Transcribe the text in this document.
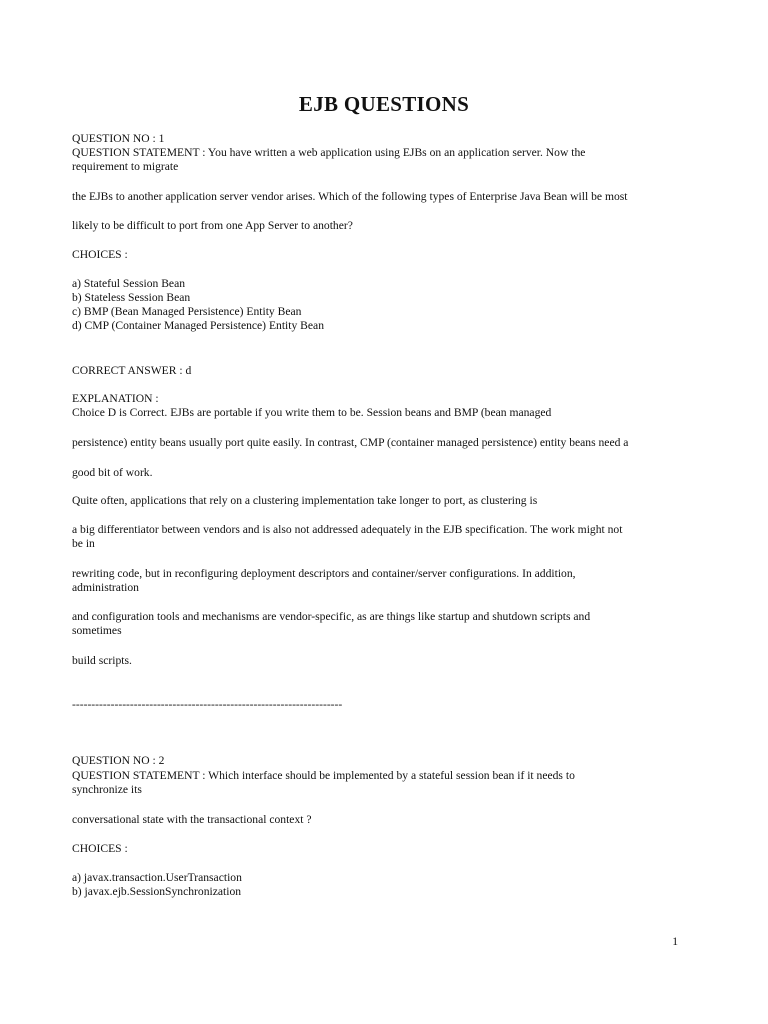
EJB QUESTIONS
QUESTION NO : 1
QUESTION STATEMENT : You have written a web application using EJBs on an application server. Now the
requirement to migrate
the EJBs to another application server vendor arises. Which of the following types of Enterprise Java Bean will be most
likely to be difficult to port from one App Server to another?
CHOICES :
a) Stateful Session Bean
b) Stateless Session Bean
c) BMP (Bean Managed Persistence) Entity Bean
d) CMP (Container Managed Persistence) Entity Bean
CORRECT ANSWER : d
EXPLANATION :
Choice D is Correct. EJBs are portable if you write them to be. Session beans and BMP (bean managed
persistence) entity beans usually port quite easily. In contrast, CMP (container managed persistence) entity beans need a
good bit of work.
Quite often, applications that rely on a clustering implementation take longer to port, as clustering is
a big differentiator between vendors and is also not addressed adequately in the EJB specification. The work might not
be in
rewriting code, but in reconfiguring deployment descriptors and container/server configurations. In addition,
administration
and configuration tools and mechanisms are vendor-specific, as are things like startup and shutdown scripts and
sometimes
build scripts.
----------------------------------------------------------------------
QUESTION NO : 2
QUESTION STATEMENT : Which interface should be implemented by a stateful session bean if it needs to
synchronize its
conversational state with the transactional context ?
CHOICES :
a) javax.transaction.UserTransaction
b) javax.ejb.SessionSynchronization
1
